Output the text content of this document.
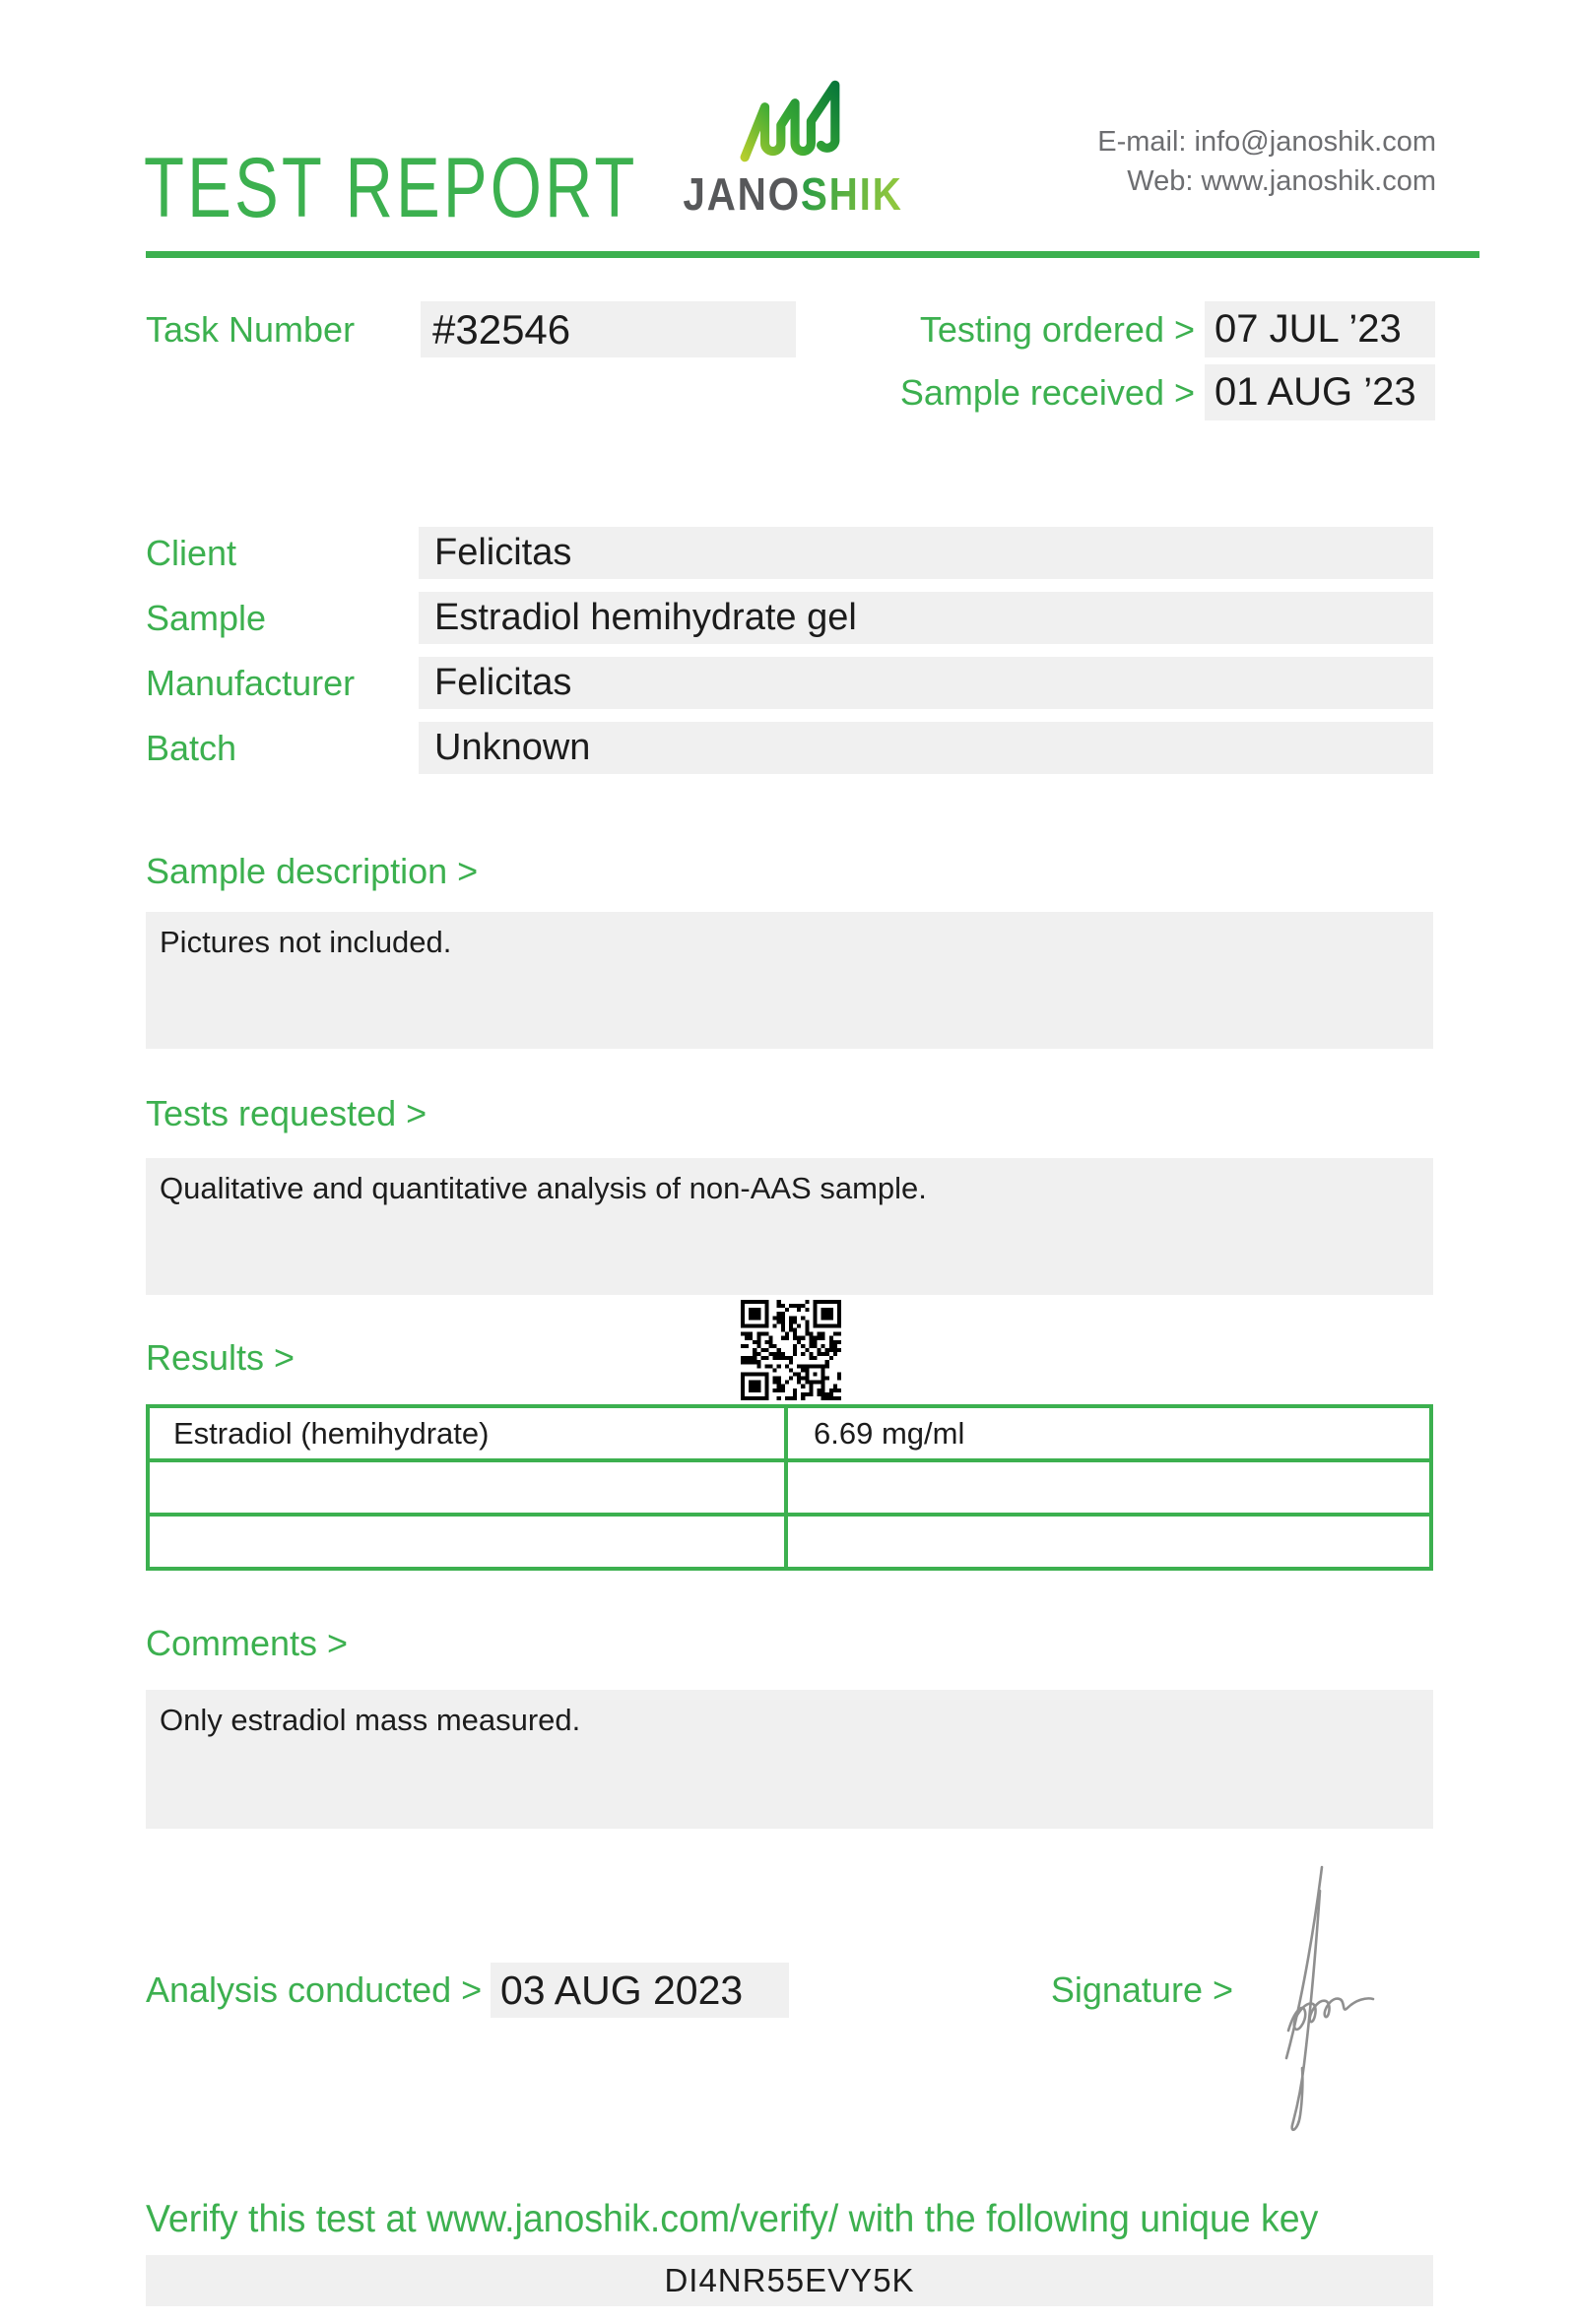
TEST REPORT JANOSHIK
E-mail: info@janoshik.com
Web: www.janoshik.com
Task Number #32546	Testing ordered > 07 JUL ’23
Sample received > 01 AUG ’23
Client	Felicitas
Sample	Estradiol hemihydrate gel
Manufacturer	Felicitas
Batch	Unknown
Sample description >
Pictures not included.
Tests requested >
Qualitative and quantitative analysis of non-AAS sample.
Results >
Estradiol (hemihydrate)	6.69 mg/ml
Comments >
Only estradiol mass measured.
Analysis conducted > 03 AUG 2023	Signature >
Verify this test at www.janoshik.com/verify/ with the following unique key
DI4NR55EVY5K
